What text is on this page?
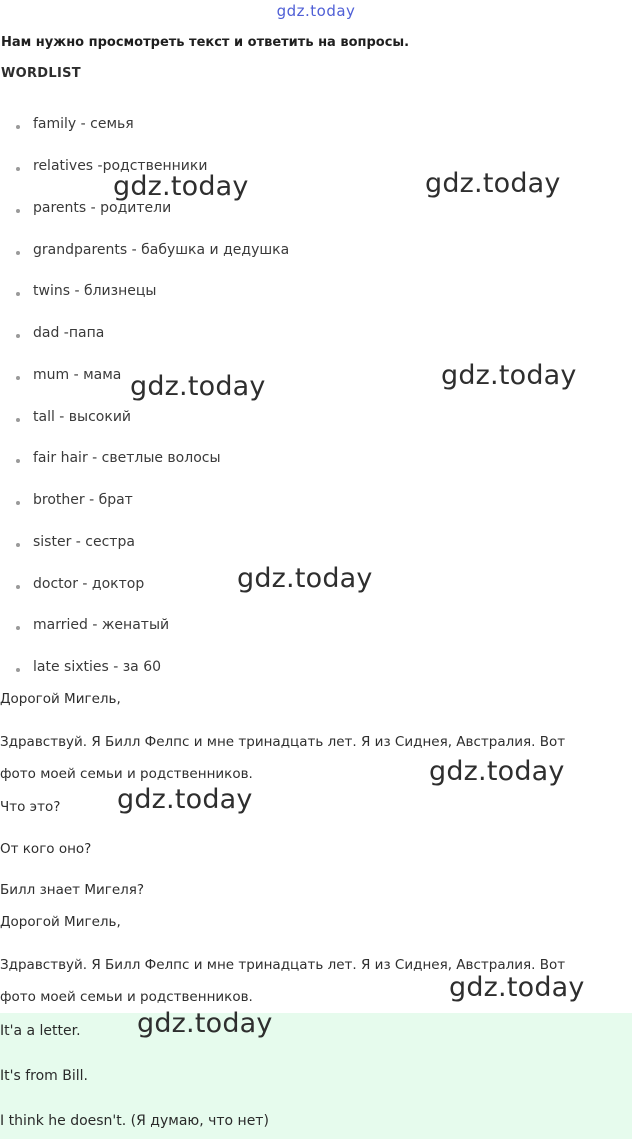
gdz.today
Нам нужно просмотреть текст и ответить на вопросы.
WORDLIST
family - семья
relatives -родственники
parents - родители
grandparents - бабушка и дедушка
twins - близнецы
dad -папа
mum - мама
tall - высокий
fair hair - светлые волосы
brother - брат
sister - сестра
doctor - доктор
married - женатый
late sixties - за 60
Дорогой Мигель,
Здравствуй. Я Билл Фелпс и мне тринадцать лет. Я из Сиднея, Австралия. Вот
фото моей семьи и родственников.
Что это?
От кого оно?
Билл знает Мигеля?
Дорогой Мигель,
Здравствуй. Я Билл Фелпс и мне тринадцать лет. Я из Сиднея, Австралия. Вот
фото моей семьи и родственников.
It'a a letter.
It's from Bill.
I think he doesn't. (Я думаю, что нет)
gdz.today	gdz.today
gdz.today	gdz.today
gdz.today
gdz.today
gdz.today
gdz.today
gdz.today
